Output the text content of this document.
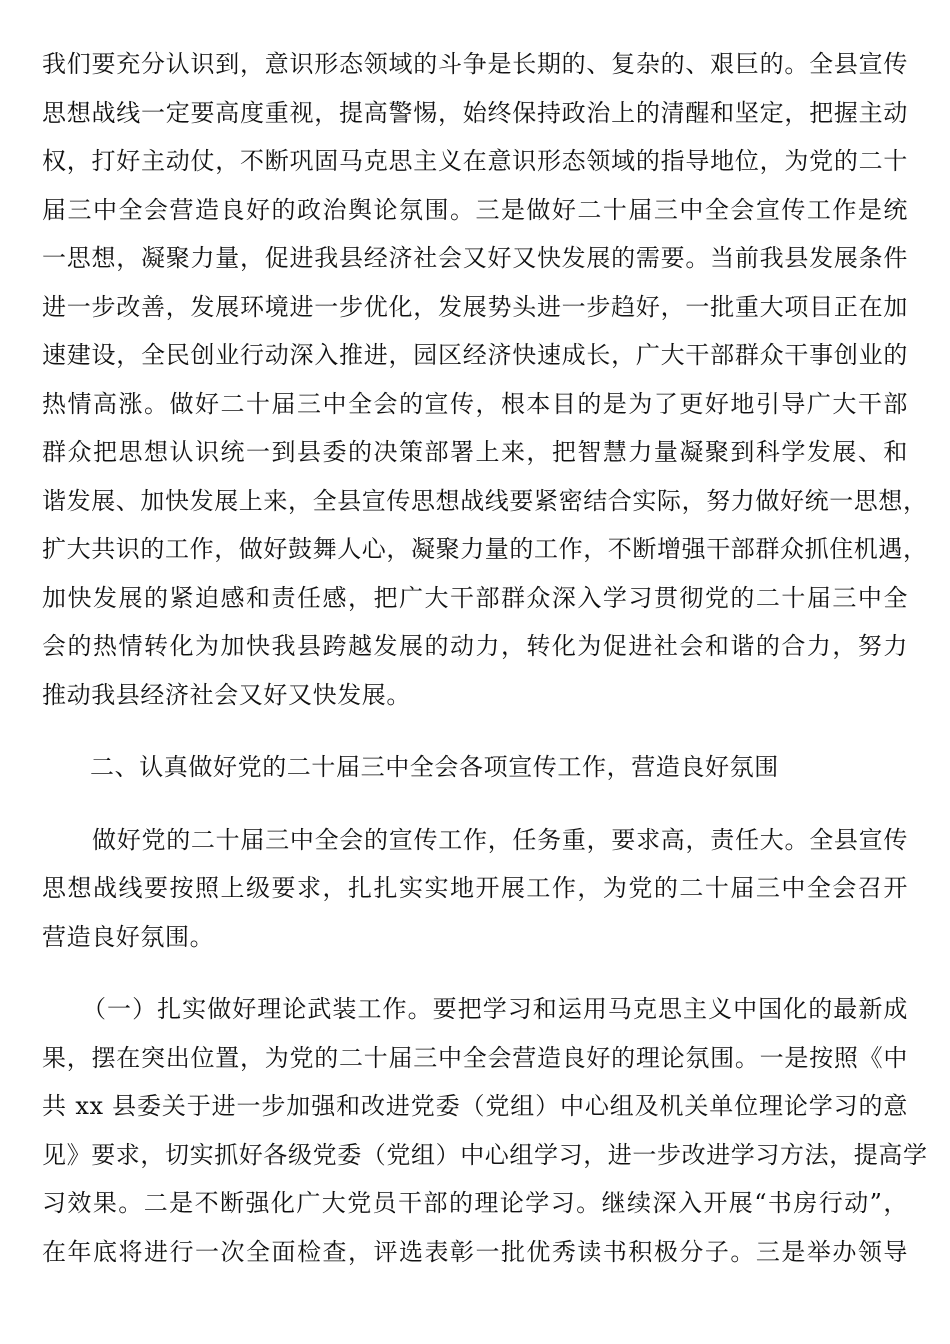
我们要充分认识到，意识形态领域的斗争是长期的、复杂的、艰巨的。全县宣传
思想战线一定要高度重视，提高警惕，始终保持政治上的清醒和坚定，把握主动
权，打好主动仗，不断巩固马克思主义在意识形态领域的指导地位，为党的二十
届三中全会营造良好的政治舆论氛围。三是做好二十届三中全会宣传工作是统
一思想，凝聚力量，促进我县经济社会又好又快发展的需要。当前我县发展条件
进一步改善，发展环境进一步优化，发展势头进一步趋好，一批重大项目正在加
速建设，全民创业行动深入推进，园区经济快速成长，广大干部群众干事创业的
热情高涨。做好二十届三中全会的宣传，根本目的是为了更好地引导广大干部
群众把思想认识统一到县委的决策部署上来，把智慧力量凝聚到科学发展、和
谐发展、加快发展上来，全县宣传思想战线要紧密结合实际，努力做好统一思想，
扩大共识的工作，做好鼓舞人心，凝聚力量的工作，不断增强干部群众抓住机遇，
加快发展的紧迫感和责任感，把广大干部群众深入学习贯彻党的二十届三中全
会的热情转化为加快我县跨越发展的动力，转化为促进社会和谐的合力，努力
推动我县经济社会又好又快发展。
二、认真做好党的二十届三中全会各项宣传工作，营造良好氛围
做好党的二十届三中全会的宣传工作，任务重，要求高，责任大。全县宣传
思想战线要按照上级要求，扎扎实实地开展工作，为党的二十届三中全会召开
营造良好氛围。
（一）扎实做好理论武装工作。要把学习和运用马克思主义中国化的最新成
果，摆在突出位置，为党的二十届三中全会营造良好的理论氛围。一是按照《中
共 xx 县委关于进一步加强和改进党委（党组）中心组及机关单位理论学习的意
见》要求，切实抓好各级党委（党组）中心组学习，进一步改进学习方法，提高学
习效果。二是不断强化广大党员干部的理论学习。继续深入开展“书房行动”，
在年底将进行一次全面检查，评选表彰一批优秀读书积极分子。三是举办领导
